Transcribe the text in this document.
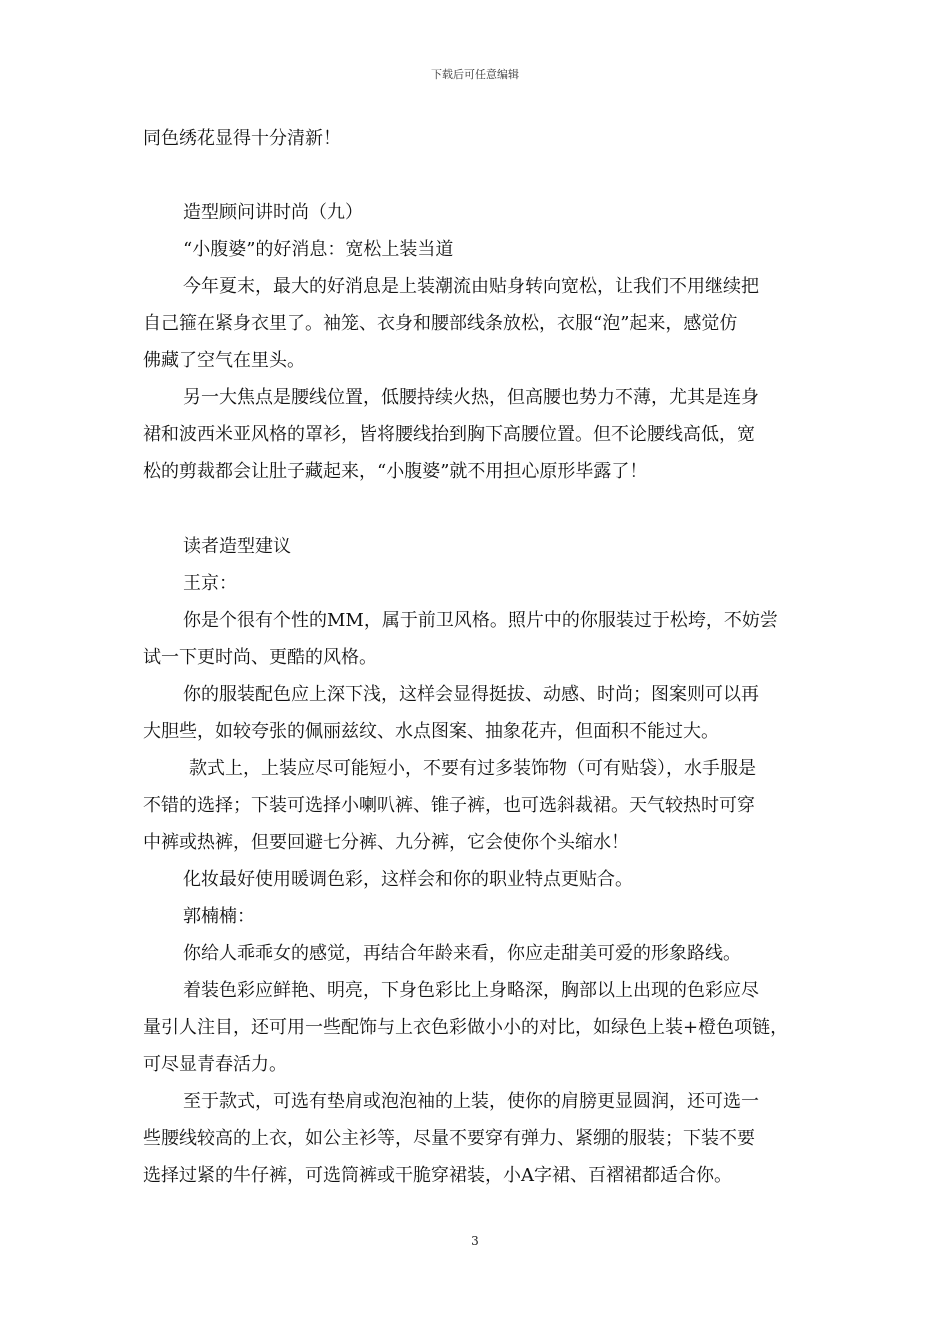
下载后可任意编辑
同色绣花显得十分清新！
造型顾问讲时尚（九）
“小腹婆”的好消息：宽松上装当道
今年夏末，最大的好消息是上装潮流由贴身转向宽松，让我们不用继续把
自己箍在紧身衣里了。袖笼、衣身和腰部线条放松，衣服“泡”起来，感觉仿
佛藏了空气在里头。
另一大焦点是腰线位置，低腰持续火热，但高腰也势力不薄，尤其是连身
裙和波西米亚风格的罩衫，皆将腰线抬到胸下高腰位置。但不论腰线高低，宽
松的剪裁都会让肚子藏起来，“小腹婆”就不用担心原形毕露了！
读者造型建议
王京：
你是个很有个性的MM，属于前卫风格。照片中的你服装过于松垮，不妨尝
试一下更时尚、更酷的风格。
你的服装配色应上深下浅，这样会显得挺拔、动感、时尚；图案则可以再
大胆些，如较夸张的佩丽兹纹、水点图案、抽象花卉，但面积不能过大。
款式上，上装应尽可能短小，不要有过多装饰物（可有贴袋），水手服是
不错的选择；下装可选择小喇叭裤、锥子裤，也可选斜裁裙。天气较热时可穿
中裤或热裤，但要回避七分裤、九分裤，它会使你个头缩水！
化妆最好使用暖调色彩，这样会和你的职业特点更贴合。
郭楠楠：
你给人乖乖女的感觉，再结合年龄来看，你应走甜美可爱的形象路线。
着装色彩应鲜艳、明亮，下身色彩比上身略深，胸部以上出现的色彩应尽
量引人注目，还可用一些配饰与上衣色彩做小小的对比，如绿色上装+橙色项链，
可尽显青春活力。
至于款式，可选有垫肩或泡泡袖的上装，使你的肩膀更显圆润，还可选一
些腰线较高的上衣，如公主衫等，尽量不要穿有弹力、紧绷的服装；下装不要
选择过紧的牛仔裤，可选筒裤或干脆穿裙装，小A字裙、百褶裙都适合你。
3
